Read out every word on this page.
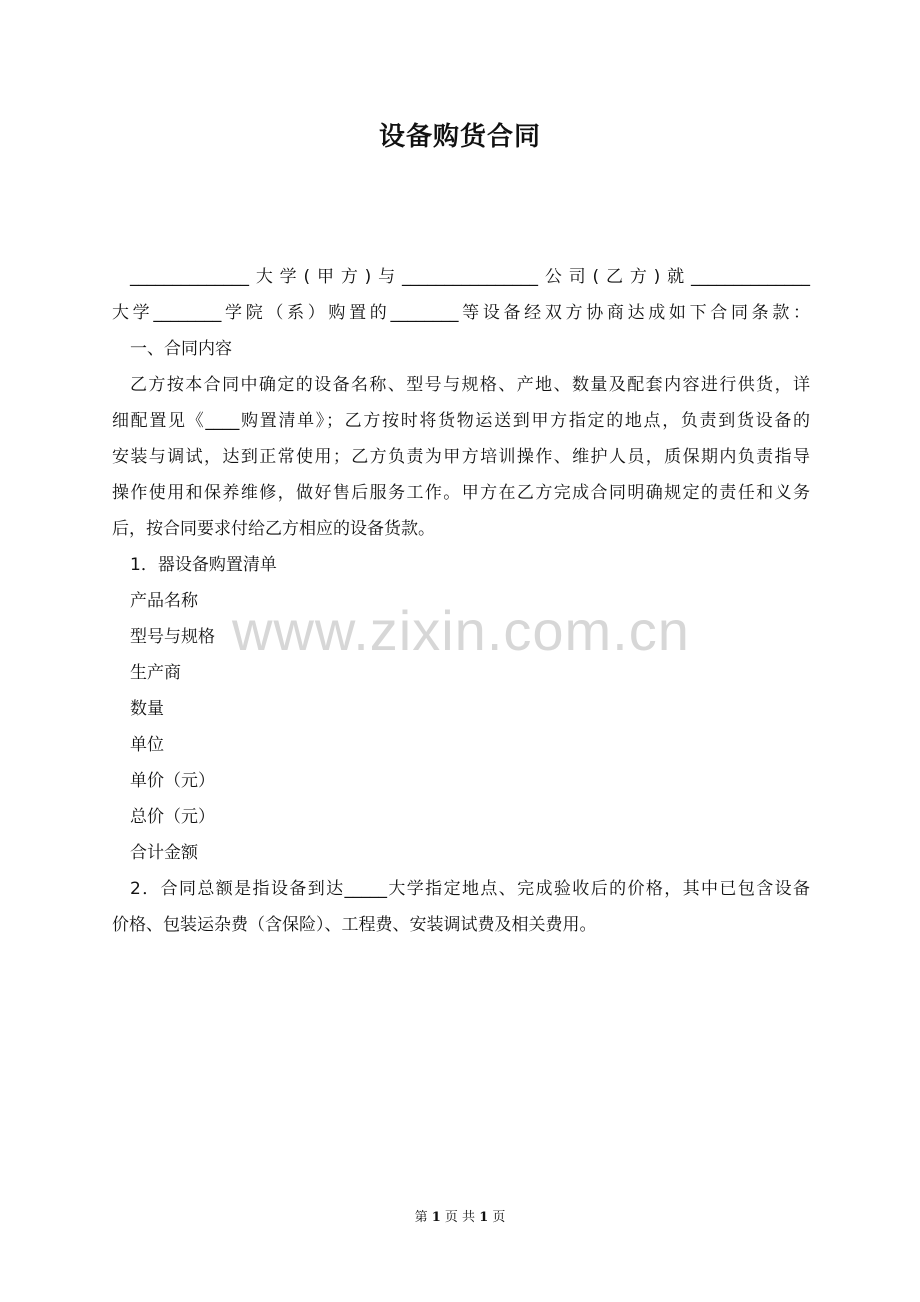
设备购货合同
www.zixin.com.cn
______________大学(甲方)与________________公司(乙方)就______________
大学________学院（系）购置的________等设备经双方协商达成如下合同条款：
一、合同内容
乙方按本合同中确定的设备名称、型号与规格、产地、数量及配套内容进行供货，详
细配置见《____购置清单》；乙方按时将货物运送到甲方指定的地点，负责到货设备的
安装与调试，达到正常使用；乙方负责为甲方培训操作、维护人员，质保期内负责指导
操作使用和保养维修，做好售后服务工作。甲方在乙方完成合同明确规定的责任和义务
后，按合同要求付给乙方相应的设备货款。
1．器设备购置清单
产品名称
型号与规格
生产商
数量
单位
单价（元）
总价（元）
合计金额
2．合同总额是指设备到达_____大学指定地点、完成验收后的价格，其中已包含设备
价格、包装运杂费（含保险）、工程费、安装调试费及相关费用。
第 1 页 共 1 页
